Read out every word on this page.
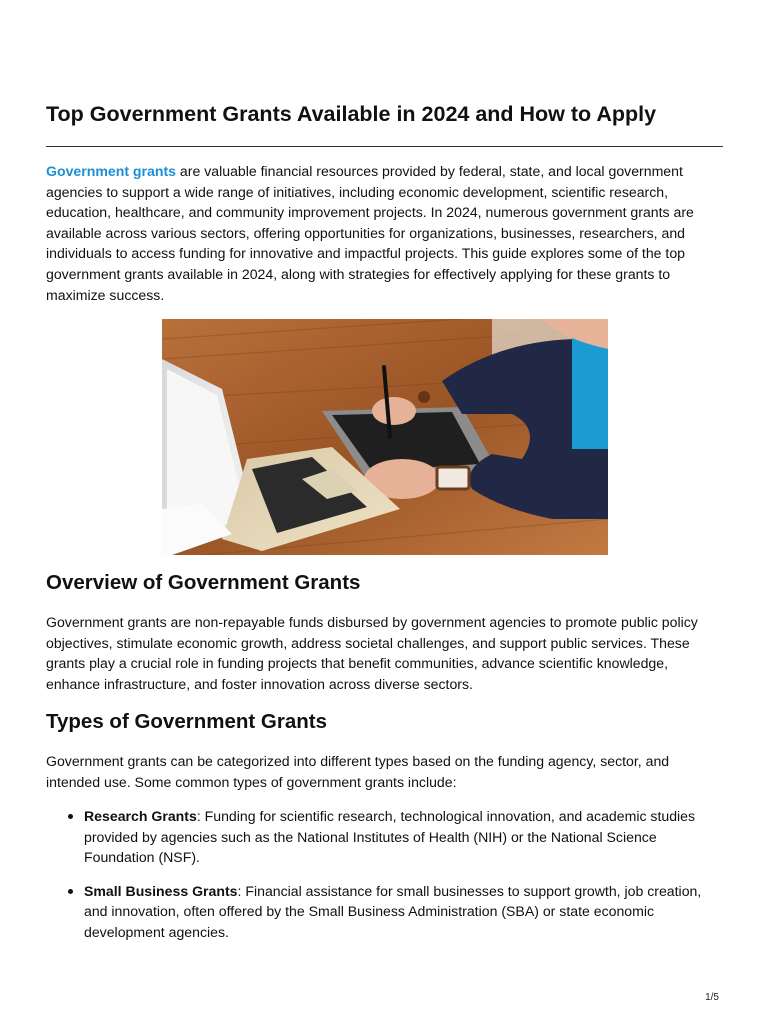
Top Government Grants Available in 2024 and How to Apply

Government grants are valuable financial resources provided by federal, state, and local government agencies to support a wide range of initiatives, including economic development, scientific research, education, healthcare, and community improvement projects. In 2024, numerous government grants are available across various sectors, offering opportunities for organizations, businesses, researchers, and individuals to access funding for innovative and impactful projects. This guide explores some of the top government grants available in 2024, along with strategies for effectively applying for these grants to maximize success.

Overview of Government Grants

Government grants are non-repayable funds disbursed by government agencies to promote public policy objectives, stimulate economic growth, address societal challenges, and support public services. These grants play a crucial role in funding projects that benefit communities, advance scientific knowledge, enhance infrastructure, and foster innovation across diverse sectors.

Types of Government Grants

Government grants can be categorized into different types based on the funding agency, sector, and intended use. Some common types of government grants include:

Research Grants: Funding for scientific research, technological innovation, and academic studies provided by agencies such as the National Institutes of Health (NIH) or the National Science Foundation (NSF).
Small Business Grants: Financial assistance for small businesses to support growth, job creation, and innovation, often offered by the Small Business Administration (SBA) or state economic development agencies.
1/5
